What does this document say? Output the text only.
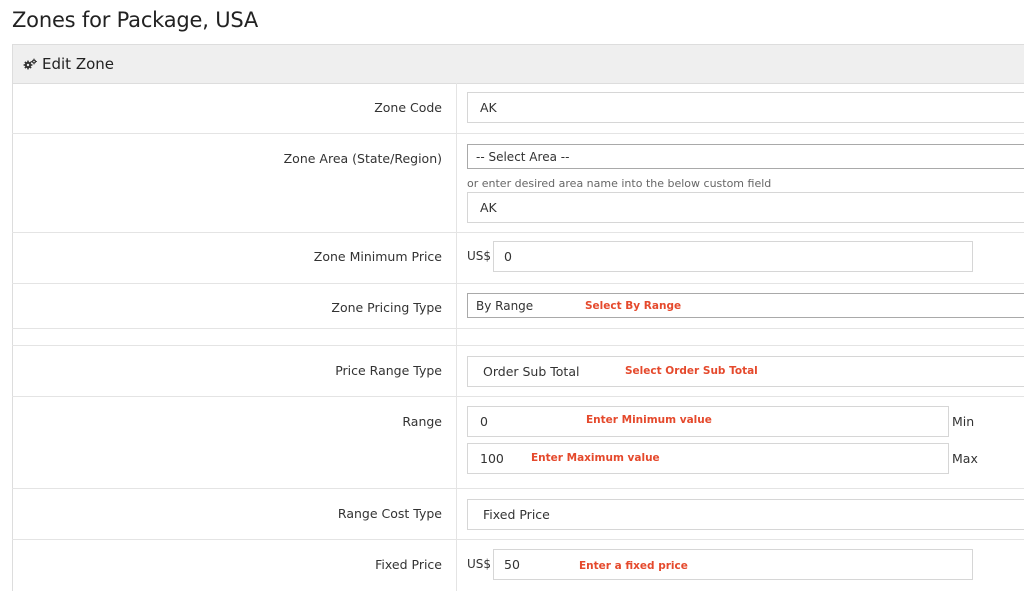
Zones for Package, USA
Edit Zone
Zone Code	AK
Zone Area (State/Region)	-- Select Area --
or enter desired area name into the below custom field
AK
Zone Minimum Price US$	0
Zone Pricing Type	By Range	Select By Range
Price Range Type	Order Sub Total	Select Order Sub Total
Range	0	Enter Minimum value	Min
100	Enter Maximum value	Max
Range Cost Type	Fixed Price
Fixed Price US$	50	Enter a fixed price
